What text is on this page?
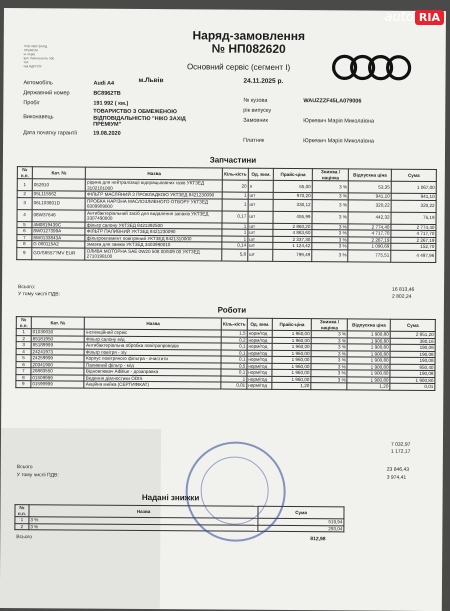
ТОВ НІКО ЗАХІД
ПРЕМІУМ
м. Львів
вул. Липинського, 50Б
тел.
код ЄДРПОУ
Наряд-замовлення
№ НП082620
Основний сервіс (сегмент I)
м.Львів	24.11.2025 р.
Автомобіль	Audi A4
Державний номер	ВС8962ТВ
Пробіг	191 992 ( км.)	№ кузова	WAUZZZF45LA079006
рік випуску
Виконавець
ТОВАРИСТВО З ОБМЕЖЕНОЮ ВІДПОВІДАЛЬНІСТЮ "НІКО ЗАХІД ПРЕМІУМ"
Замовник	Юркевич Марія Миколаївна
Дата початку гарантії	19.08.2020
Платник	Юркевич Марія Миколаївна
Запчастини
№ п.п.	Кат. №	Назва	Кіль-кість	Од. вим.	Прайс-ціна	Знижка / націнка	Відпускна ціна	Сума
1	052910	рідина для нейтралізації відпрацьованих газів УКТЗЕД 3102101000	20	л	55,00	3 %	53,35	1 067,00
2	05L115562	ФІЛЬТР МАСЛЯНИЙ З ПРОКЛАДКОЮ УКТЗЕД 8421230090	1	шт	970,20	3 %	941,10	941,10
3	06L103801D	ПРОБКА НАРІЗНА МАСЛОЗЛИВНОГО ОТВОРУ УКТЗЕД 8309909000	1	шт	330,12	3 %	320,22	320,22
4	08W37646	Антибактеріальний засіб для видалення запахів УКТЗЕД 3307490000	0,17	шт	455,99	3 %	442,32	75,19
5	4M0819439C	фільтр салону УКТЗЕД 8421392500	1	шт	2 860,20	3 %	2 774,40	2 774,40
6	8W0127399A	ФІЛЬТР ПАЛИВНИЙ УКТЗЕД 8421230090	1	шт	4 863,60	3 %	4 717,70	4 717,70
7	8W0133843A	фільтроелемент повітряний УКТЗЕД 8421310000	1	шт	2 337,30	3 %	2 267,19	2 267,19
8	G 000115A2	змазка для замків УКТЗЕД 3403990010	0,14	шт	1 124,42	3 %	1 090,69	152,70
9	GO/S6557?MV EUR	ОЛИВА МОТОРНА SAE 0W20 508 00/509 00 УКТЗЕД 2710198100	5,8	шт	799,49	3 %	775,51	4 497,96
Всього:	16 813,46
У тому числі ПДВ:	2 802,24
Роботи
№ п.п.	Кат. №	Назва	Кіль-кість	Од. вим.	Прайс-ціна	Знижка / націнка	Відпускна ціна	Сума
1	01030030	інспекційний сервіс	1,5	норм/год	1 960,00	3 %	1 900,80	2 851,20
2	85181950	Фільтр салону м/д	0,2	норм/год	1 960,00	3 %	1 900,80	380,16
3	85189999	Антибактеріальна обробка повітропроводів	0,1	норм/год	1 960,00	3 %	1 900,80	190,08
4	24241973	Фільтр повітря - з/у	0,1	норм/год	1 960,00	3 %	1 900,80	190,08
5	24259999	Корпус повітряного фільтра - очистити	0,1	норм/год	1 960,00	3 %	1 900,80	190,08
6	20341900	Паливний фільтр - м/д	0,5	норм/год	1 960,00	3 %	1 900,80	950,40
7	26883550	Відновлювач AdBlue - дозаправка	0,1	норм/год	1 960,00	3 %	1 900,80	190,08
8	01509999	Ведення діагностики ODIS	1	норм/год	1 960,00	3 %	1 900,80	1 900,80
9	01599999	Акційна мийка (СЕРТИФІКАТ)	0,01	норм/год	1,20		1,20	0,01
7 032,97
1 172,17
Всього	23 846,43
У тому числі ПДВ:	3 974,41
Надані знижки
№ п.п.	Назва	Сума
1	3 %	519,94
2	3 %	293,04
Всього	812,98
auto RIA
